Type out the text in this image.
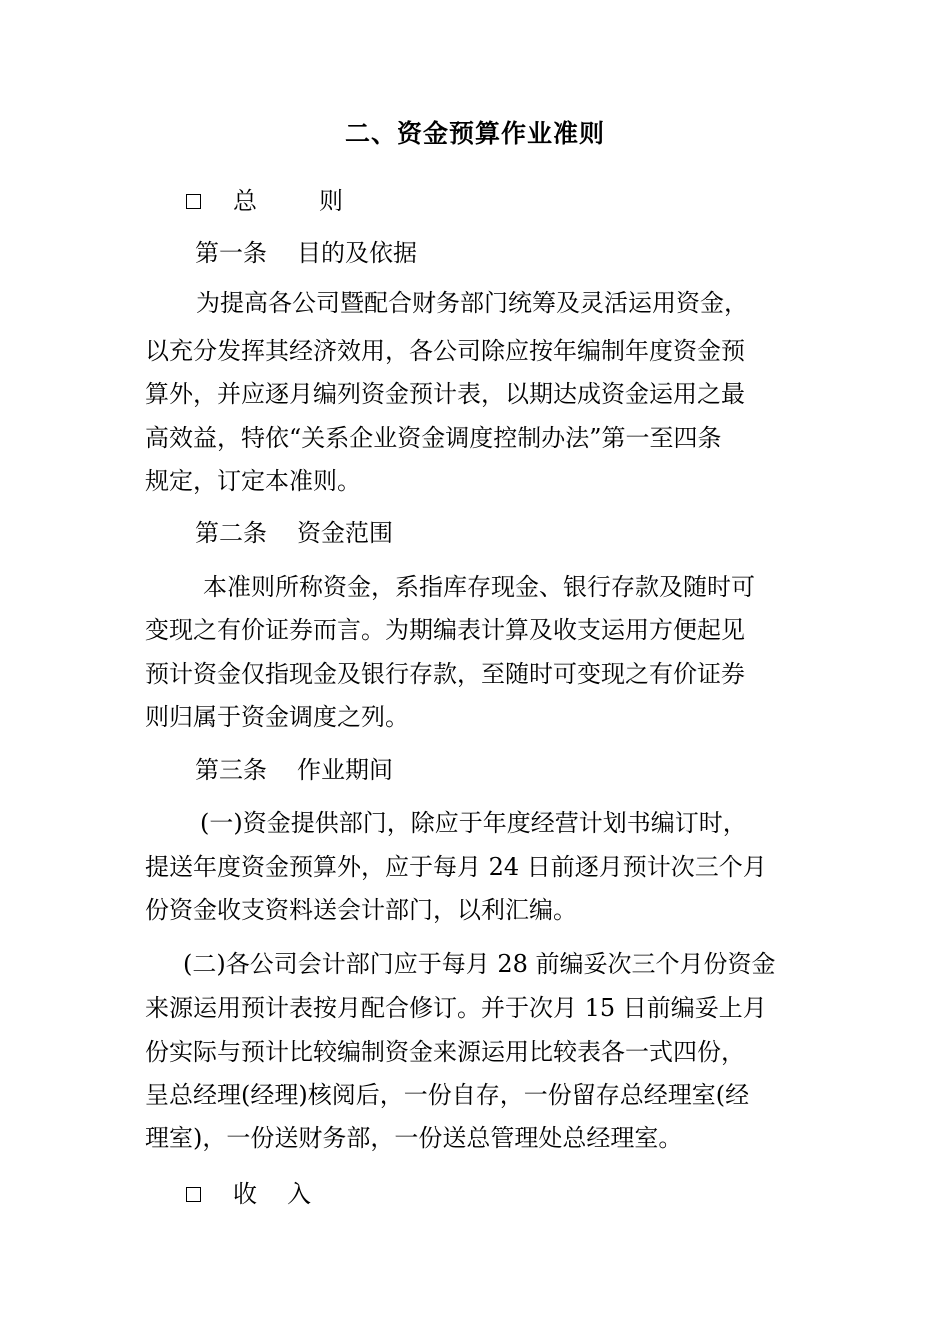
二、资金预算作业准则
总	则
第一条 目的及依据
为提高各公司暨配合财务部门统筹及灵活运用资金，
以充分发挥其经济效用，各公司除应按年编制年度资金预
算外，并应逐月编列资金预计表，以期达成资金运用之最
高效益，特依“关系企业资金调度控制办法”第一至四条
规定，订定本准则。
第二条 资金范围
本准则所称资金，系指库存现金、银行存款及随时可
变现之有价证券而言。为期编表计算及收支运用方便起见
预计资金仅指现金及银行存款，至随时可变现之有价证券
则归属于资金调度之列。
第三条 作业期间
(一)资金提供部门，除应于年度经营计划书编订时，
提送年度资金预算外，应于每月 24 日前逐月预计次三个月
份资金收支资料送会计部门，以利汇编。
(二)各公司会计部门应于每月 28 前编妥次三个月份资金
来源运用预计表按月配合修订。并于次月 15 日前编妥上月
份实际与预计比较编制资金来源运用比较表各一式四份，
呈总经理(经理)核阅后，一份自存，一份留存总经理室(经
理室)，一份送财务部，一份送总管理处总经理室。
收 入
